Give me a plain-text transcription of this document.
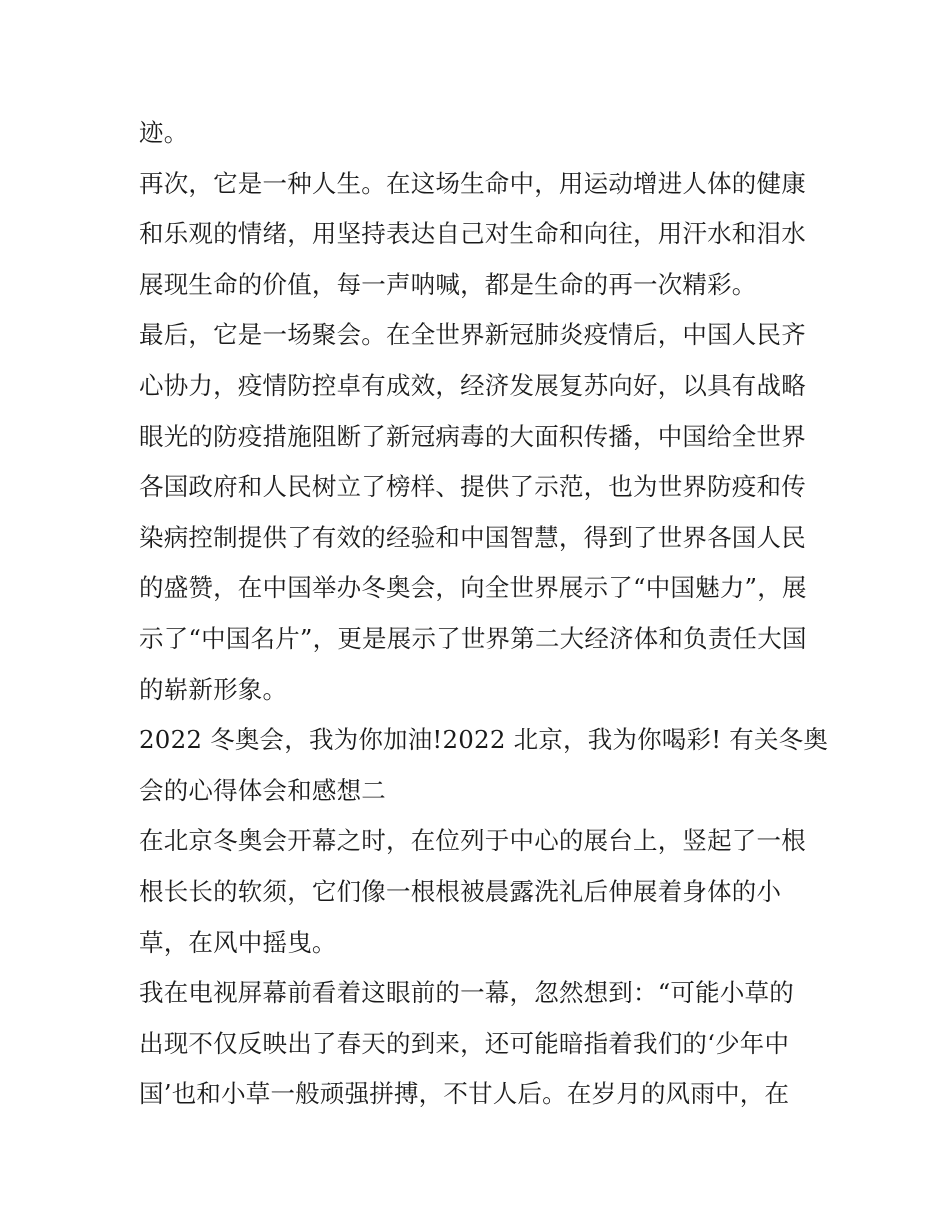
迹。
再次，它是一种人生。在这场生命中，用运动增进人体的健康
和乐观的情绪，用坚持表达自己对生命和向往，用汗水和泪水
展现生命的价值，每一声呐喊，都是生命的再一次精彩。
最后，它是一场聚会。在全世界新冠肺炎疫情后，中国人民齐
心协力，疫情防控卓有成效，经济发展复苏向好，以具有战略
眼光的防疫措施阻断了新冠病毒的大面积传播，中国给全世界
各国政府和人民树立了榜样、提供了示范，也为世界防疫和传
染病控制提供了有效的经验和中国智慧，得到了世界各国人民
的盛赞，在中国举办冬奥会，向全世界展示了“中国魅力”，展
示了“中国名片”，更是展示了世界第二大经济体和负责任大国
的崭新形象。
2022 冬奥会，我为你加油!2022 北京，我为你喝彩! 有关冬奥
会的心得体会和感想二
在北京冬奥会开幕之时，在位列于中心的展台上，竖起了一根
根长长的软须，它们像一根根被晨露洗礼后伸展着身体的小
草，在风中摇曳。
我在电视屏幕前看着这眼前的一幕，忽然想到：“可能小草的
出现不仅反映出了春天的到来，还可能暗指着我们的‘少年中
国’也和小草一般顽强拼搏，不甘人后。在岁月的风雨中，在
